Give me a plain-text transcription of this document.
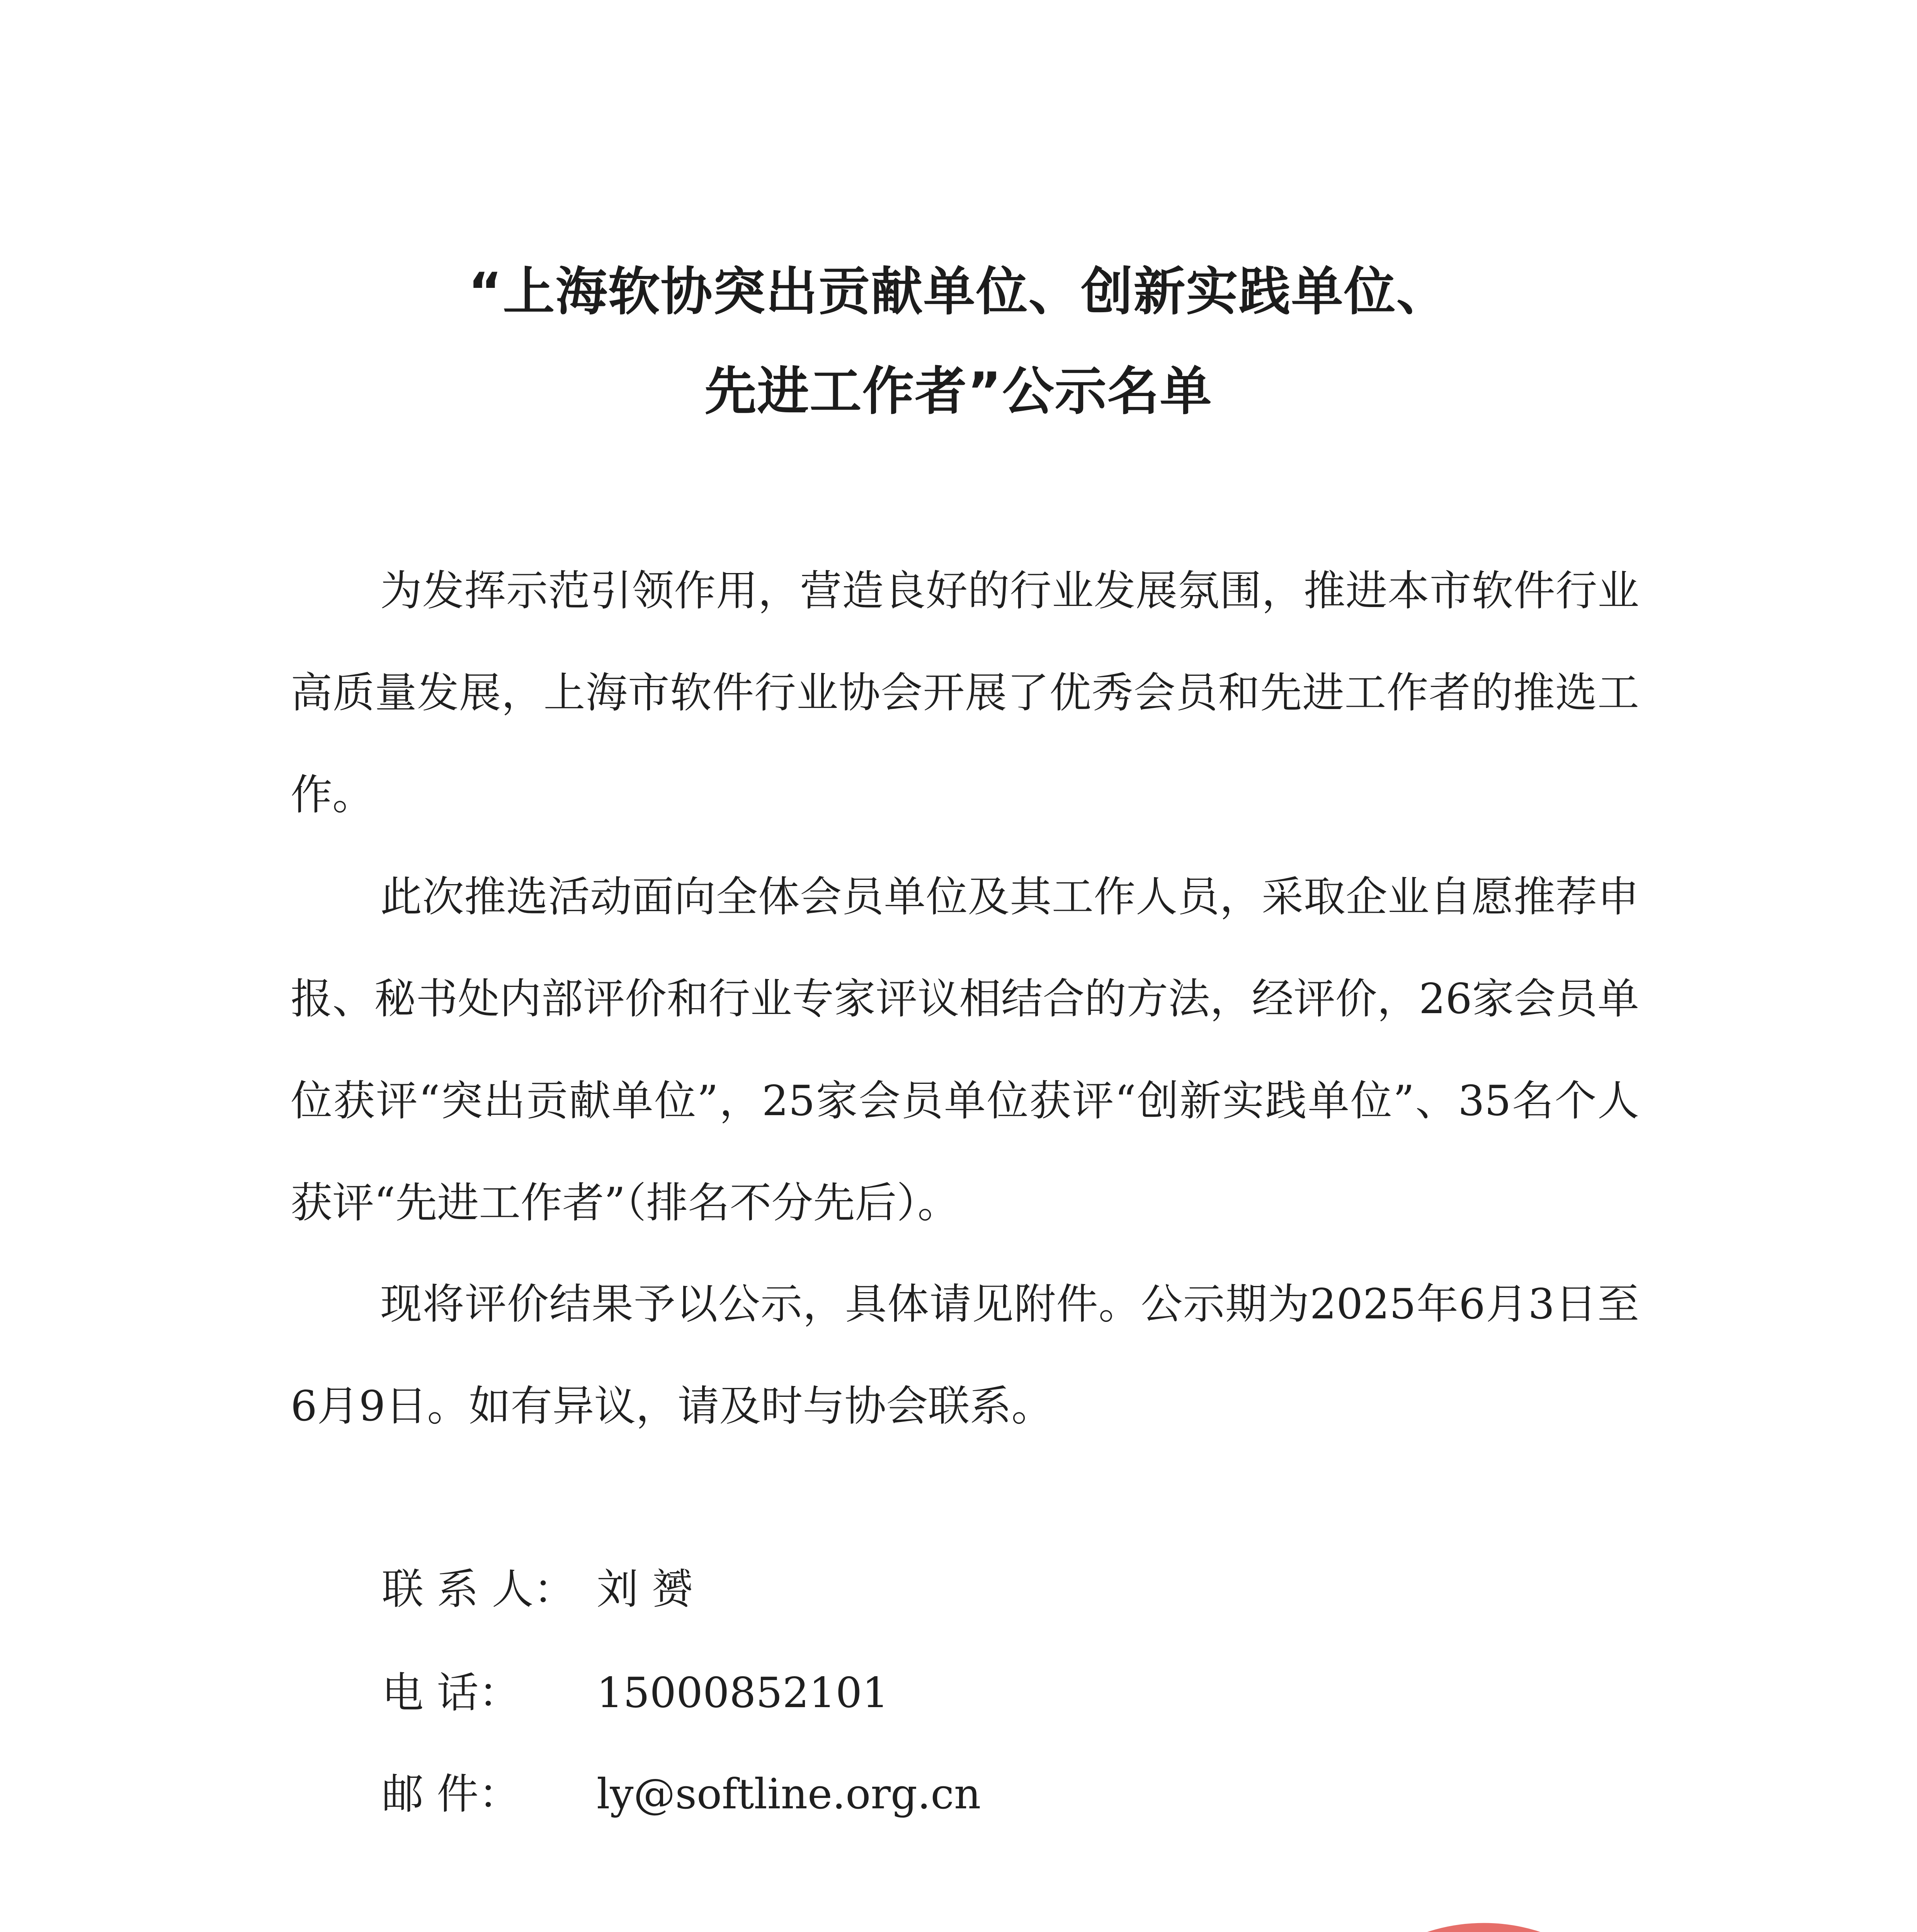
“上海软协突出贡献单位、创新实践单位、
先进工作者”公示名单

为发挥示范引领作用，营造良好的行业发展氛围，推进本市软件行业高质量发展，上海市软件行业协会开展了优秀会员和先进工作者的推选工作。

此次推选活动面向全体会员单位及其工作人员，采取企业自愿推荐申报、秘书处内部评价和行业专家评议相结合的方法，经评价，26家会员单位获评“突出贡献单位”，25家会员单位获评“创新实践单位”、35名个人获评“先进工作者”（排名不分先后）。

现将评价结果予以公示，具体请见附件。公示期为2025年6月3日至6月9日。如有异议，请及时与协会联系。

联 系 人： 刘 赟
电 话： 15000852101
邮 件： ly@softline.org.cn
